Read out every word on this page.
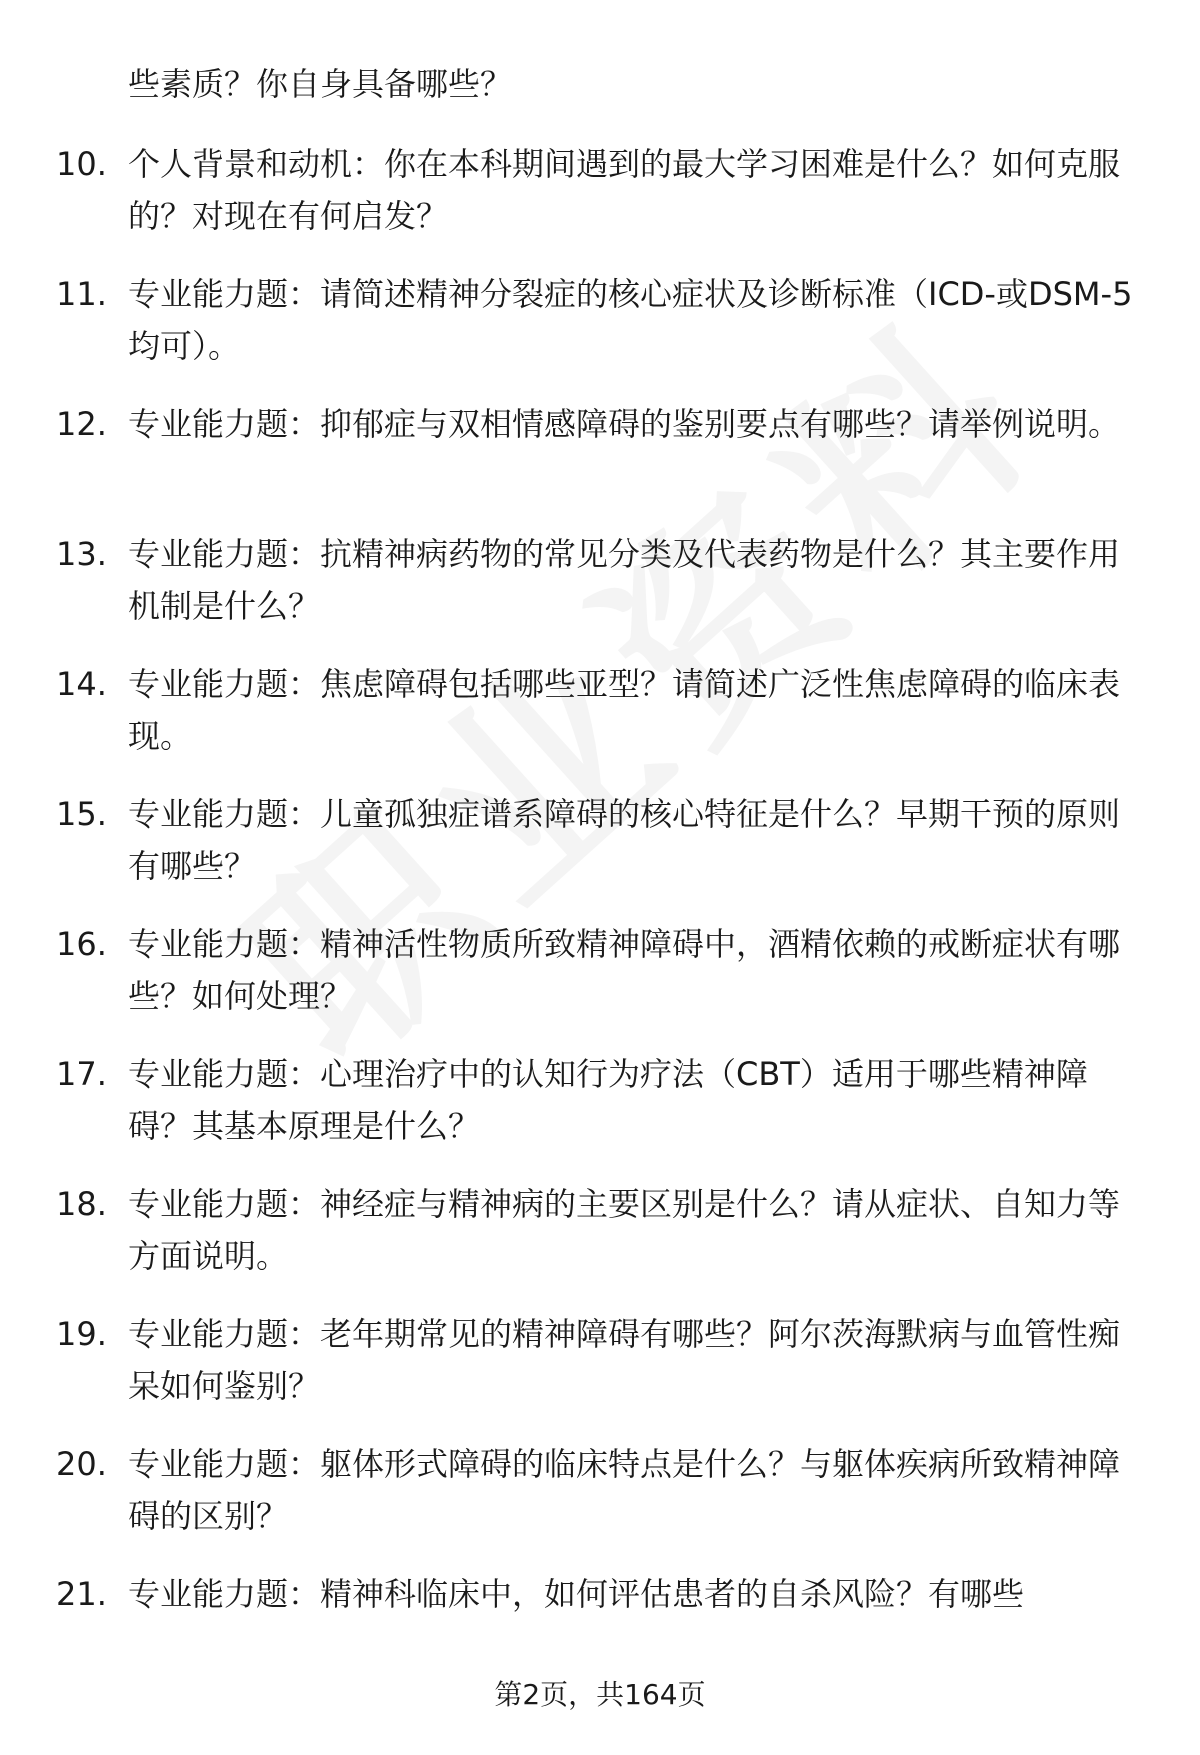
些素质？你自身具备哪些？

10. 个人背景和动机：你在本科期间遇到的最大学习困难是什么？如何克服的？对现在有何启发？
11. 专业能力题：请简述精神分裂症的核心症状及诊断标准（ICD-或DSM-5均可）。
12. 专业能力题：抑郁症与双相情感障碍的鉴别要点有哪些？请举例说明。
13. 专业能力题：抗精神病药物的常见分类及代表药物是什么？其主要作用机制是什么？
14. 专业能力题：焦虑障碍包括哪些亚型？请简述广泛性焦虑障碍的临床表现。
15. 专业能力题：儿童孤独症谱系障碍的核心特征是什么？早期干预的原则有哪些？
16. 专业能力题：精神活性物质所致精神障碍中，酒精依赖的戒断症状有哪些？如何处理？
17. 专业能力题：心理治疗中的认知行为疗法（CBT）适用于哪些精神障碍？其基本原理是什么？
18. 专业能力题：神经症与精神病的主要区别是什么？请从症状、自知力等方面说明。
19. 专业能力题：老年期常见的精神障碍有哪些？阿尔茨海默病与血管性痴呆如何鉴别？
20. 专业能力题：躯体形式障碍的临床特点是什么？与躯体疾病所致精神障碍的区别？
21. 专业能力题：精神科临床中，如何评估患者的自杀风险？有哪些
第2页，共164页
